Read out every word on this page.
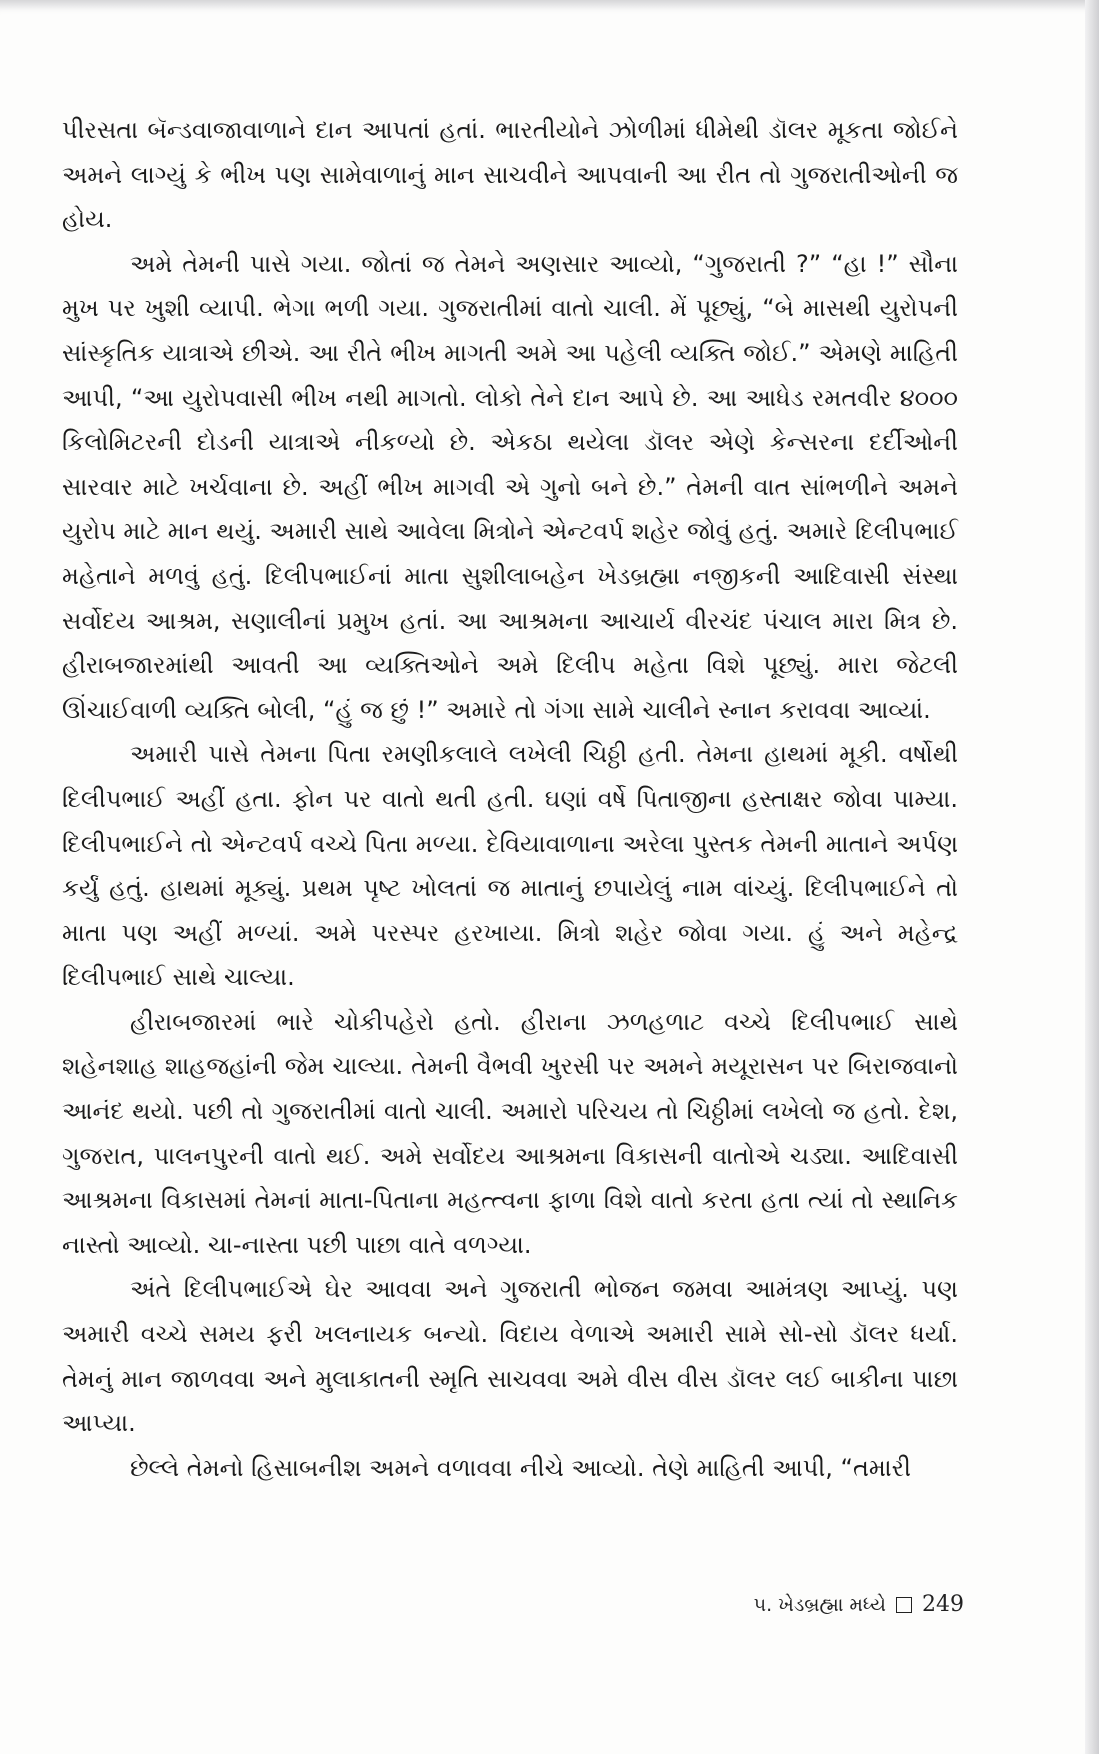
પીરસતા બૅન્ડવાજાવાળાને દાન આપતાં હતાં. ભારતીયોને ઝોળીમાં ધીમેથી ડૉલર મૂકતા જોઈને અમને લાગ્યું કે ભીખ પણ સામેવાળાનું માન સાચવીને આપવાની આ રીત તો ગુજરાતીઓની જ હોય.

અમે તેમની પાસે ગયા. જોતાં જ તેમને અણસાર આવ્યો, “ગુજરાતી ?” “હા !” સૌના મુખ પર ખુશી વ્યાપી. ભેગા ભળી ગયા. ગુજરાતીમાં વાતો ચાલી. મેં પૂછ્યું, “બે માસથી યુરોપની સાંસ્કૃતિક યાત્રાએ છીએ. આ રીતે ભીખ માગતી અમે આ પહેલી વ્યક્તિ જોઈ.” એમણે માહિતી આપી, “આ યુરોપવાસી ભીખ નથી માગતો. લોકો તેને દાન આપે છે. આ આધેડ રમતવીર ૪૦૦૦ કિલોમિટરની દોડની યાત્રાએ નીકળ્યો છે. એકઠા થયેલા ડૉલર એણે કેન્સરના દર્દીઓની સારવાર માટે ખર્ચવાના છે. અહીં ભીખ માગવી એ ગુનો બને છે.” તેમની વાત સાંભળીને અમને યુરોપ માટે માન થયું. અમારી સાથે આવેલા મિત્રોને એન્ટવર્પ શહેર જોવું હતું. અમારે દિલીપભાઈ મહેતાને મળવું હતું. દિલીપભાઈનાં માતા સુશીલાબહેન ખેડબ્રહ્મા નજીકની આદિવાસી સંસ્થા સર્વોદય આશ્રમ, સણાલીનાં પ્રમુખ હતાં. આ આશ્રમના આચાર્ય વીરચંદ પંચાલ મારા મિત્ર છે. હીરાબજારમાંથી આવતી આ વ્યક્તિઓને અમે દિલીપ મહેતા વિશે પૂછ્યું. મારા જેટલી ઊંચાઈવાળી વ્યક્તિ બોલી, “હું જ છું !” અમારે તો ગંગા સામે ચાલીને સ્નાન કરાવવા આવ્યાં.

અમારી પાસે તેમના પિતા રમણીકલાલે લખેલી ચિઠ્ઠી હતી. તેમના હાથમાં મૂકી. વર્ષોથી દિલીપભાઈ અહીં હતા. ફોન પર વાતો થતી હતી. ઘણાં વર્ષે પિતાજીના હસ્તાક્ષર જોવા પામ્યા. દિલીપભાઈને તો એન્ટવર્પ વચ્ચે પિતા મળ્યા. દેવિયાવાળાના અરેલા પુસ્તક તેમની માતાને અર્પણ કર્યું હતું. હાથમાં મૂક્યું. પ્રથમ પૃષ્ટ ખોલતાં જ માતાનું છપાયેલું નામ વાંચ્યું. દિલીપભાઈને તો માતા પણ અહીં મળ્યાં. અમે પરસ્પર હરખાયા. મિત્રો શહેર જોવા ગયા. હું અને મહેન્દ્ર દિલીપભાઈ સાથે ચાલ્યા.

હીરાબજારમાં ભારે ચોકીપહેરો હતો. હીરાના ઝળહળાટ વચ્ચે દિલીપભાઈ સાથે શહેનશાહ શાહજહાંની જેમ ચાલ્યા. તેમની વૈભવી ખુરસી પર અમને મયૂરાસન પર બિરાજવાનો આનંદ થયો. પછી તો ગુજરાતીમાં વાતો ચાલી. અમારો પરિચય તો ચિઠ્ઠીમાં લખેલો જ હતો. દેશ, ગુજરાત, પાલનપુરની વાતો થઈ. અમે સર્વોદય આશ્રમના વિકાસની વાતોએ ચડ્યા. આદિવાસી આશ્રમના વિકાસમાં તેમનાં માતા-પિતાના મહત્ત્વના ફાળા વિશે વાતો કરતા હતા ત્યાં તો સ્થાનિક નાસ્તો આવ્યો. ચા-નાસ્તા પછી પાછા વાતે વળગ્યા.

અંતે દિલીપભાઈએ ઘેર આવવા અને ગુજરાતી ભોજન જમવા આમંત્રણ આપ્યું. પણ અમારી વચ્ચે સમય ફરી ખલનાયક બન્યો. વિદાય વેળાએ અમારી સામે સો-સો ડૉલર ધર્યા. તેમનું માન જાળવવા અને મુલાકાતની સ્મૃતિ સાચવવા અમે વીસ વીસ ડૉલર લઈ બાકીના પાછા આપ્યા.

છેલ્લે તેમનો હિસાબનીશ અમને વળાવવા નીચે આવ્યો. તેણે માહિતી આપી, “તમારી

૫. ખેડબ્રહ્મા મધ્યે 249
